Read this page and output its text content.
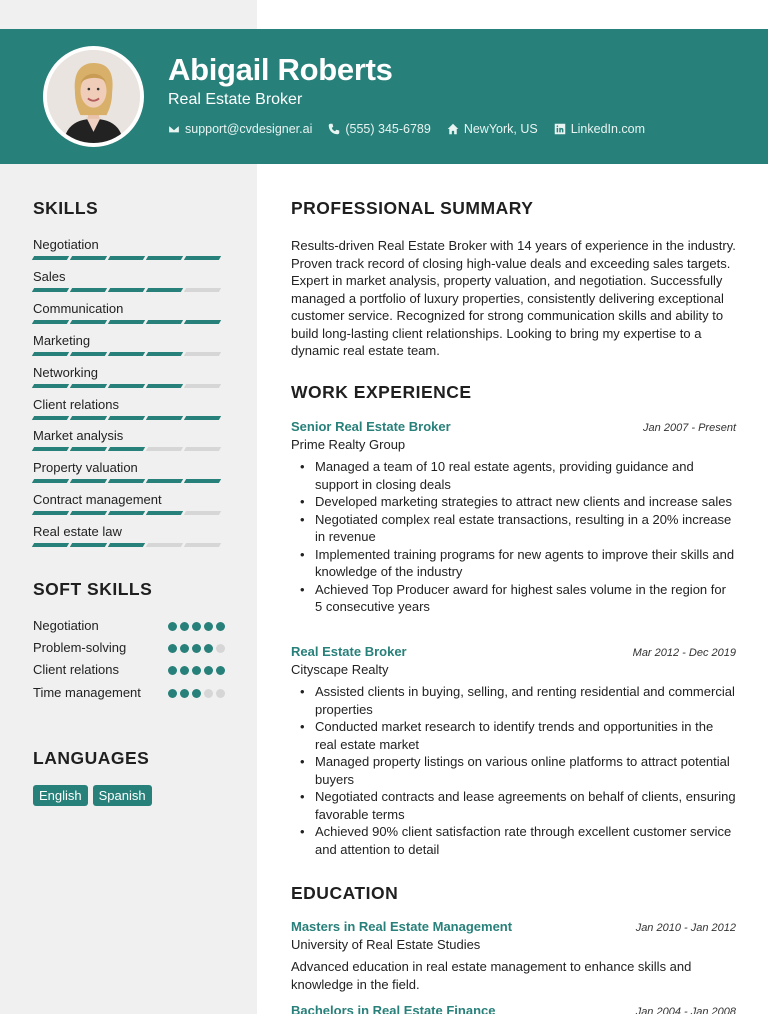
Abigail Roberts
Real Estate Broker
support@cvdesigner.ai	(555) 345-6789	NewYork, US	LinkedIn.com
SKILLS
Negotiation
Sales
Communication
Marketing
Networking
Client relations
Market analysis
Property valuation
Contract management
Real estate law
SOFT SKILLS
Negotiation
Problem-solving
Client relations
Time management
LANGUAGES
English	Spanish
PROFESSIONAL SUMMARY
Results-driven Real Estate Broker with 14 years of experience in the industry. Proven track record of closing high-value deals and exceeding sales targets. Expert in market analysis, property valuation, and negotiation. Successfully managed a portfolio of luxury properties, consistently delivering exceptional customer service. Recognized for strong communication skills and ability to build long-lasting client relationships. Looking to bring my expertise to a dynamic real estate team.
WORK EXPERIENCE
Senior Real Estate Broker	Jan 2007 - Present
Prime Realty Group
• Managed a team of 10 real estate agents, providing guidance and support in closing deals
• Developed marketing strategies to attract new clients and increase sales
• Negotiated complex real estate transactions, resulting in a 20% increase in revenue
• Implemented training programs for new agents to improve their skills and knowledge of the industry
• Achieved Top Producer award for highest sales volume in the region for 5 consecutive years
Real Estate Broker	Mar 2012 - Dec 2019
Cityscape Realty
• Assisted clients in buying, selling, and renting residential and commercial properties
• Conducted market research to identify trends and opportunities in the real estate market
• Managed property listings on various online platforms to attract potential buyers
• Negotiated contracts and lease agreements on behalf of clients, ensuring favorable terms
• Achieved 90% client satisfaction rate through excellent customer service and attention to detail
EDUCATION
Masters in Real Estate Management	Jan 2010 - Jan 2012
University of Real Estate Studies
Advanced education in real estate management to enhance skills and knowledge in the field.
Bachelors in Real Estate Finance	Jan 2004 - Jan 2008
